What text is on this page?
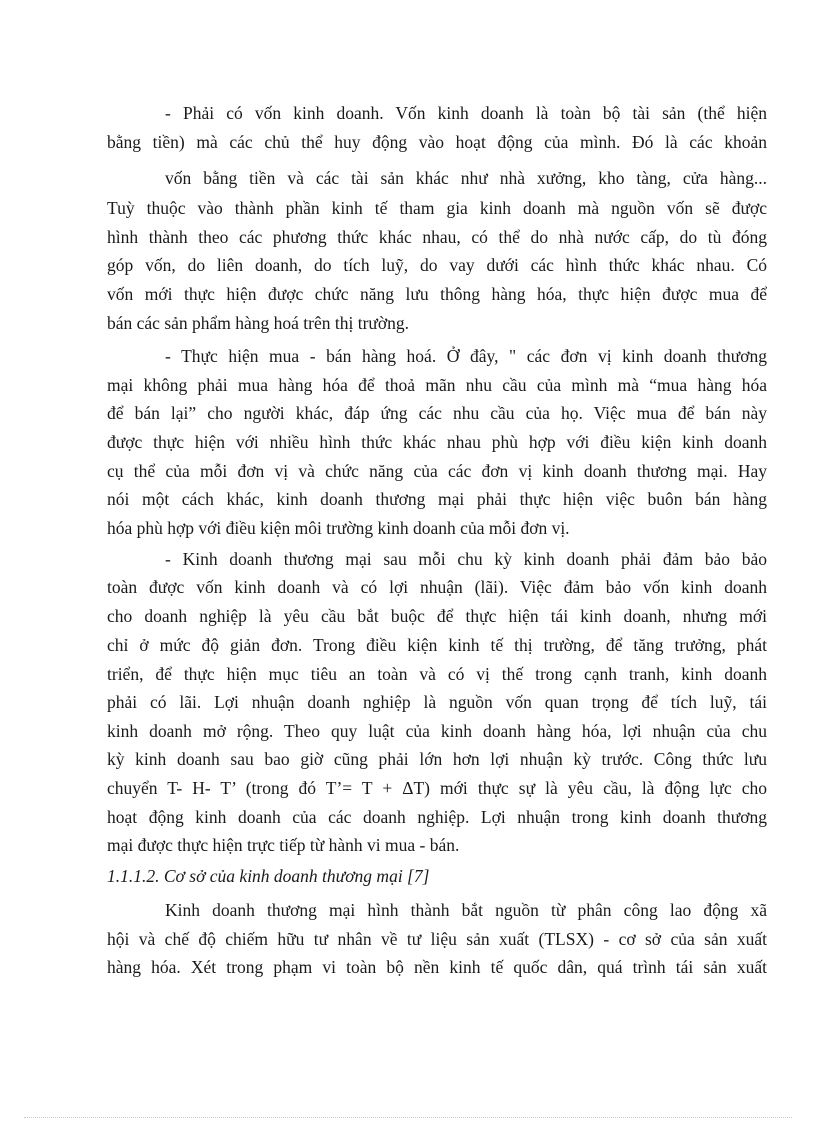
- Phải có vốn kinh doanh. Vốn kinh doanh là toàn bộ tài sản (thể hiện
bằng tiền) mà các chủ thể huy động vào hoạt động của mình. Đó là các khoản
vốn bằng tiền và các tài sản khác như nhà xưởng, kho tàng, cửa hàng...
Tuỳ thuộc vào thành phần kinh tế tham gia kinh doanh mà nguồn vốn sẽ được
hình thành theo các phương thức khác nhau, có thể do nhà nước cấp, do tù đóng
góp vốn, do liên doanh, do tích luỹ, do vay dưới các hình thức khác nhau. Có
vốn mới thực hiện được chức năng lưu thông hàng hóa, thực hiện được mua để
bán các sản phẩm hàng hoá trên thị trường.
- Thực hiện mua - bán hàng hoá. Ở đây, " các đơn vị kinh doanh thương
mại không phải mua hàng hóa để thoả mãn nhu cầu của mình mà “mua hàng hóa
để bán lại” cho người khác, đáp ứng các nhu cầu của họ. Việc mua để bán này
được thực hiện với nhiều hình thức khác nhau phù hợp với điều kiện kinh doanh
cụ thể của mỗi đơn vị và chức năng của các đơn vị kinh doanh thương mại. Hay
nói một cách khác, kinh doanh thương mại phải thực hiện việc buôn bán hàng
hóa phù hợp với điều kiện môi trường kinh doanh của mỗi đơn vị.
- Kinh doanh thương mại sau mỗi chu kỳ kinh doanh phải đảm bảo bảo
toàn được vốn kinh doanh và có lợi nhuận (lãi). Việc đảm bảo vốn kinh doanh
cho doanh nghiệp là yêu cầu bắt buộc để thực hiện tái kinh doanh, nhưng mới
chỉ ở mức độ giản đơn. Trong điều kiện kinh tế thị trường, để tăng trưởng, phát
triển, để thực hiện mục tiêu an toàn và có vị thế trong cạnh tranh, kinh doanh
phải có lãi. Lợi nhuận doanh nghiệp là nguồn vốn quan trọng để tích luỹ, tái
kinh doanh mở rộng. Theo quy luật của kinh doanh hàng hóa, lợi nhuận của chu
kỳ kinh doanh sau bao giờ cũng phải lớn hơn lợi nhuận kỳ trước. Công thức lưu
chuyển T- H- T’ (trong đó T’= T + ΔT) mới thực sự là yêu cầu, là động lực cho
hoạt động kinh doanh của các doanh nghiệp. Lợi nhuận trong kinh doanh thương
mại được thực hiện trực tiếp từ hành vi mua - bán.
1.1.1.2. Cơ sở của kinh doanh thương mại [7]
Kinh doanh thương mại hình thành bắt nguồn từ phân công lao động xã
hội và chế độ chiếm hữu tư nhân về tư liệu sản xuất (TLSX) - cơ sở của sản xuất
hàng hóa. Xét trong phạm vi toàn bộ nền kinh tế quốc dân, quá trình tái sản xuất
